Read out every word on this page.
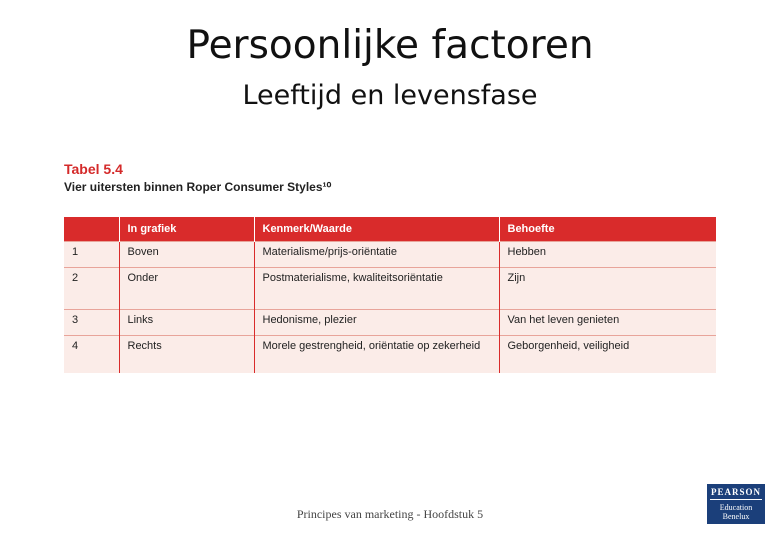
Persoonlijke factoren
Leeftijd en levensfase
Tabel 5.4
Vier uitersten binnen Roper Consumer Styles¹⁰
	In grafiek	Kenmerk/Waarde	Behoefte
1	Boven	Materialisme/prijs-oriëntatie	Hebben
2	Onder	Postmaterialisme, kwaliteitsoriëntatie	Zijn
3	Links	Hedonisme, plezier	Van het leven genieten
4	Rechts	Morele gestrengheid, oriëntatie op zekerheid	Geborgenheid, veiligheid
Principes van marketing - Hoofdstuk 5
PEARSON
Education
Benelux
